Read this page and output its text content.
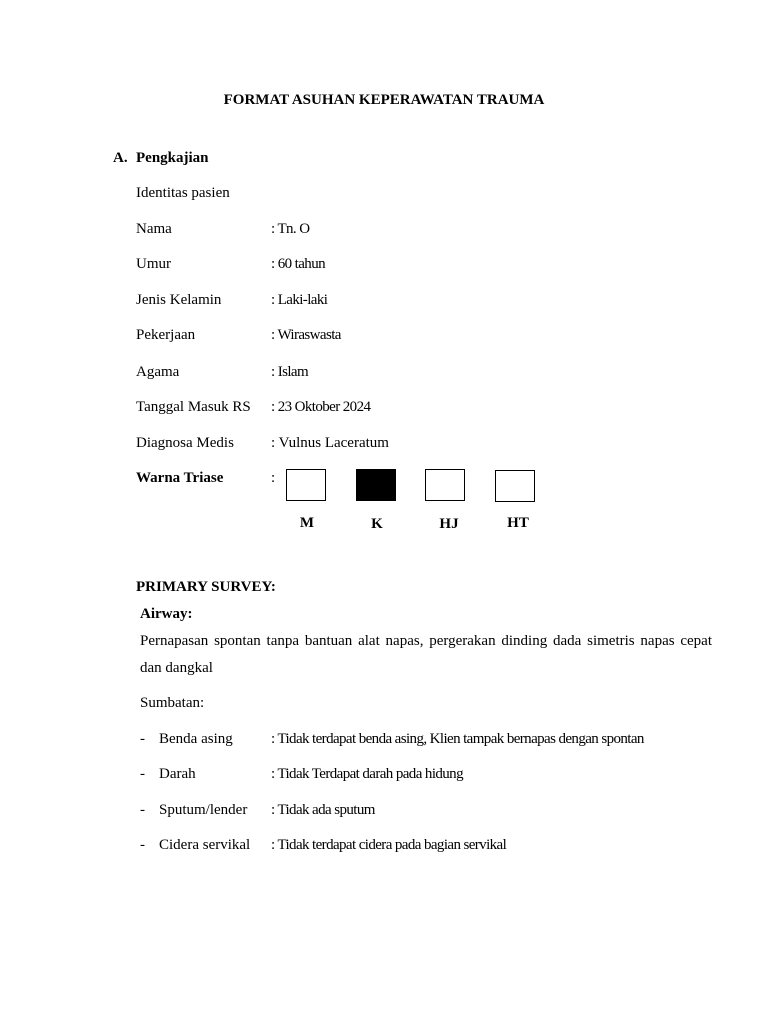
FORMAT ASUHAN KEPERAWATAN TRAUMA
A. Pengkajian
Identitas pasien
Nama	: Tn. O
Umur	: 60 tahun
Jenis Kelamin	: Laki-laki
Pekerjaan	: Wiraswasta
Agama	: Islam
Tanggal Masuk RS : 23 Oktober 2024
Diagnosa Medis : Vulnus Laceratum
Warna Triase	:
M	K	HJ	HT
PRIMARY SURVEY:
Airway:
Pernapasan spontan tanpa bantuan alat napas, pergerakan dinding dada simetris napas cepat dan dangkal
Sumbatan:
- Benda asing	: Tidak terdapat benda asing, Klien tampak bernapas dengan spontan
- Darah	: Tidak Terdapat darah pada hidung
- Sputum/lender : Tidak ada sputum
- Cidera servikal : Tidak terdapat cidera pada bagian servikal
